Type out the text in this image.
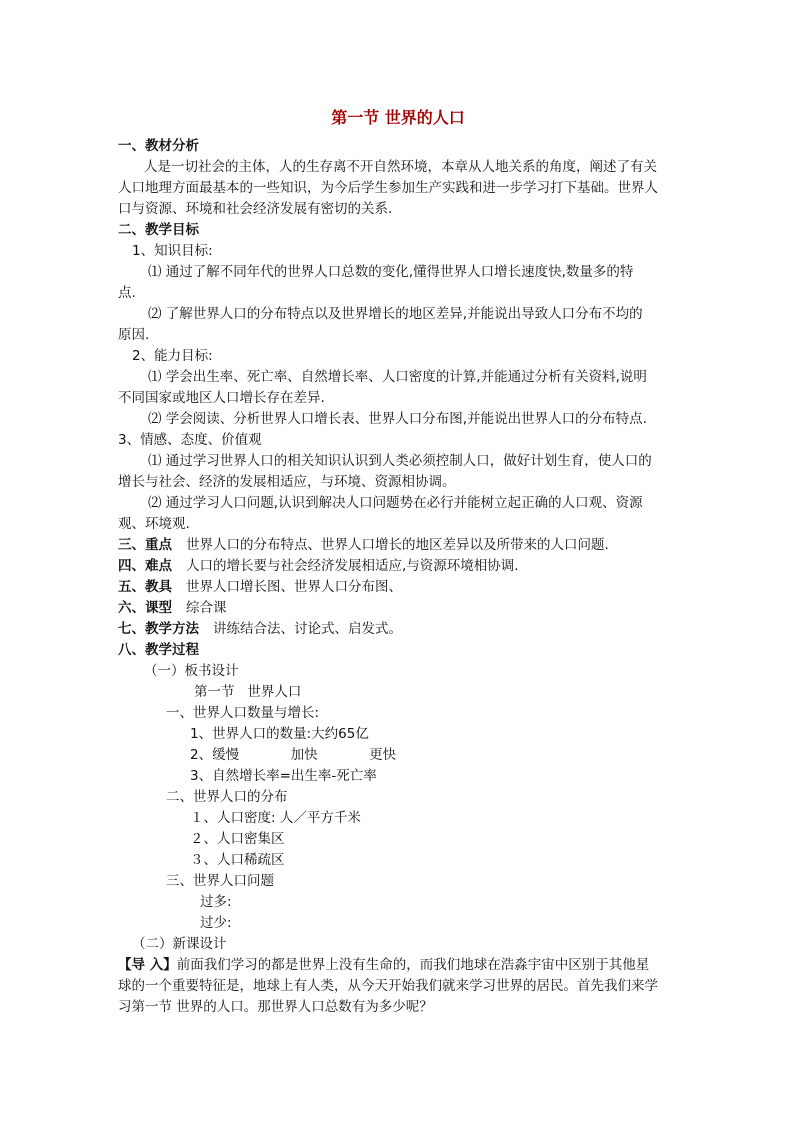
第一节 世界的人口

一、教材分析

人是一切社会的主体，人的生存离不开自然环境，本章从人地关系的角度，阐述了有关

人口地理方面最基本的一些知识，为今后学生参加生产实践和进一步学习打下基础。世界人

口与资源、环境和社会经济发展有密切的关系.

二、教学目标

1、知识目标:

⑴ 通过了解不同年代的世界人口总数的变化,懂得世界人口增长速度快,数量多的特

点.

⑵ 了解世界人口的分布特点以及世界增长的地区差异,并能说出导致人口分布不均的

原因.

2、能力目标:

⑴ 学会出生率、死亡率、自然增长率、人口密度的计算,并能通过分析有关资料,说明

不同国家或地区人口增长存在差异.

⑵ 学会阅读、分析世界人口增长表、世界人口分布图,并能说出世界人口的分布特点.

3、情感、态度、价值观

⑴ 通过学习世界人口的相关知识认识到人类必须控制人口，做好计划生育，使人口的

增长与社会、经济的发展相适应，与环境、资源相协调。

⑵ 通过学习人口问题,认识到解决人口问题势在必行并能树立起正确的人口观、资源

观、环境观.

三、重点 世界人口的分布特点、世界人口增长的地区差异以及所带来的人口问题.
四、难点 人口的增长要与社会经济发展相适应,与资源环境相协调.
五、教具 世界人口增长图、世界人口分布图、
六、课型 综合课
七、教学方法 讲练结合法、讨论式、启发式。

八、教学过程

（一）板书设计

第一节   世界人口

一、世界人口数量与增长:

1、世界人口的数量:大约65亿

2、缓慢            加快            更快

3、自然增长率=出生率-死亡率

二、世界人口的分布

１、人口密度: 人／平方千米

２、人口密集区

３、人口稀疏区

三、世界人口问题

过多:

过少:

（二）新课设计

【导 入】前面我们学习的都是世界上没有生命的，而我们地球在浩淼宇宙中区别于其他星

球的一个重要特征是，地球上有人类，从今天开始我们就来学习世界的居民。首先我们来学

习第一节 世界的人口。那世界人口总数有为多少呢？
